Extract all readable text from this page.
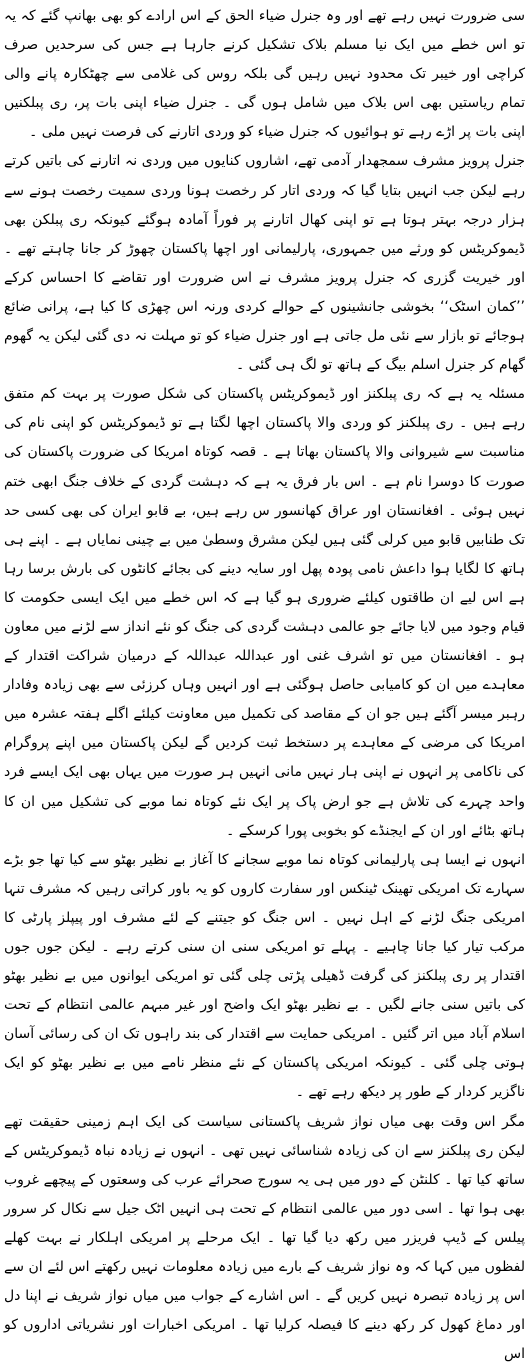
سی ضرورت نہیں رہے تھے اور وہ جنرل ضیاء الحق کے اس ارادے کو بھی بھانپ گئے کہ یہ تو اس خطے میں ایک نیا مسلم بلاک تشکیل کرنے جارہا ہے جس کی سرحدیں صرف کراچی اور خیبر تک محدود نہیں رہیں گی بلکہ روس کی غلامی سے چھٹکارہ پانے والی تمام ریاستیں بھی اس بلاک میں شامل ہوں گی ۔ جنرل ضیاء اپنی بات پر، ری پبلکنیں اپنی بات پر اڑے رہے تو ہوائیوں کہ جنرل ضیاء کو وردی اتارنے کی فرصت نہیں ملی ۔

جنرل پرویز مشرف سمجھدار آدمی تھے، اشاروں کنایوں میں وردی نہ اتارنے کی باتیں کرتے رہے لیکن جب انہیں بتایا گیا کہ وردی اتار کر رخصت ہونا وردی سمیت رخصت ہونے سے ہزار درجہ بہتر ہوتا ہے تو اپنی کھال اتارنے پر فوراً آمادہ ہوگئے کیونکہ ری پبلکن بھی ڈیموکریٹس کو ورثے میں جمہوری، پارلیمانی اور اچھا پاکستان چھوڑ کر جانا چاہتے تھے ۔ اور خیریت گزری کہ جنرل پرویز مشرف نے اس ضرورت اور تقاضے کا احساس کرکے ’’کمان اسٹک‘‘ بخوشی جانشینوں کے حوالے کردی ورنہ اس چھڑی کا کیا ہے، پرانی ضائع ہوجائے تو بازار سے نئی مل جاتی ہے اور جنرل ضیاء کو تو مہلت نہ دی گئی لیکن یہ گھوم گھام کر جنرل اسلم بیگ کے ہاتھ تو لگ ہی گئی ۔

مسئلہ یہ ہے کہ ری پبلکنز اور ڈیموکریٹس پاکستان کی شکل صورت پر بہت کم متفق رہے ہیں ۔ ری پبلکنز کو وردی والا پاکستان اچھا لگتا ہے تو ڈیموکریٹس کو اپنی نام کی مناسبت سے شیروانی والا پاکستان بھاتا ہے ۔ قصہ کوتاہ امریکا کی ضرورت پاکستان کی صورت کا دوسرا نام ہے ۔ اس بار فرق یہ ہے کہ دہشت گردی کے خلاف جنگ ابھی ختم نہیں ہوئی ۔ افغانستان اور عراق کھانسور س رہے ہیں، بے قابو ایران کی بھی کسی حد تک طنابیں قابو میں کرلی گئی ہیں لیکن مشرق وسطیٰ میں بے چینی نمایاں ہے ۔ اپنے ہی ہاتھ کا لگایا ہوا داعش نامی پودہ پھل اور سایہ دینے کی بجائے کانٹوں کی بارش برسا رہا ہے اس لیے ان طاقتوں کیلئے ضروری ہو گیا ہے کہ اس خطے میں ایک ایسی حکومت کا قیام وجود میں لایا جائے جو عالمی دہشت گردی کی جنگ کو نئے انداز سے لڑنے میں معاون ہو ۔ افغانستان میں تو اشرف غنی اور عبداللہ عبداللہ کے درمیان شراکت اقتدار کے معاہدے میں ان کو کامیابی حاصل ہوگئی ہے اور انہیں وہاں کرزئی سے بھی زیادہ وفادار رہبر میسر آگئے ہیں جو ان کے مقاصد کی تکمیل میں معاونت کیلئے اگلے ہفتہ عشرہ میں امریکا کی مرضی کے معاہدے پر دستخط ثبت کردیں گے لیکن پاکستان میں اپنے پروگرام کی ناکامی پر انہوں نے اپنی ہار نہیں مانی انہیں ہر صورت میں یہاں بھی ایک ایسے فرد واحد چہرے کی تلاش ہے جو ارض پاک پر ایک نئے کوتاہ نما موبے کی تشکیل میں ان کا ہاتھ بٹائے اور ان کے ایجنڈے کو بخوبی پورا کرسکے ۔

انہوں نے ایسا ہی پارلیمانی کوتاہ نما موبے سجانے کا آغاز بے نظیر بھٹو سے کیا تھا جو بڑے سہارے تک امریکی تھینک ٹینکس اور سفارت کاروں کو یہ باور کراتی رہیں کہ مشرف تنہا امریکی جنگ لڑنے کے اہل نہیں ۔ اس جنگ کو جیتنے کے لئے مشرف اور پیپلز پارٹی کا مرکب تیار کیا جانا چاہیے ۔ پہلے تو امریکی سنی ان سنی کرتے رہے ۔ لیکن جوں جوں اقتدار پر ری پبلکنز کی گرفت ڈھیلی پڑتی چلی گئی تو امریکی ایوانوں میں بے نظیر بھٹو کی باتیں سنی جانے لگیں ۔ بے نظیر بھٹو ایک واضح اور غیر مبہم عالمی انتظام کے تحت اسلام آباد میں اتر گئیں ۔ امریکی حمایت سے اقتدار کی بند راہوں تک ان کی رسائی آسان ہوتی چلی گئی ۔ کیونکہ امریکی پاکستان کے نئے منظر نامے میں بے نظیر بھٹو کو ایک ناگزیر کردار کے طور پر دیکھ رہے تھے ۔

مگر اس وقت بھی میاں نواز شریف پاکستانی سیاست کی ایک اہم زمینی حقیقت تھے لیکن ری پبلکنز سے ان کی زیادہ شناسائی نہیں تھی ۔ انہوں نے زیادہ نباہ ڈیموکریٹس کے ساتھ کیا تھا ۔ کلنٹن کے دور میں ہی یہ سورج صحرائے عرب کی وسعتوں کے پیچھے غروب بھی ہوا تھا ۔ اسی دور میں عالمی انتظام کے تحت ہی انہیں اٹک جیل سے نکال کر سرور پیلس کے ڈیپ فریزر میں رکھ دیا گیا تھا ۔ ایک مرحلے پر امریکی اہلکار نے بہت کھلے لفظوں میں کہا کہ وہ نواز شریف کے بارے میں زیادہ معلومات نہیں رکھتے اس لئے ان سے اس پر زیادہ تبصرہ نہیں کریں گے ۔ اس اشارے کے جواب میں میاں نواز شریف نے اپنا دل اور دماغ کھول کر رکھ دینے کا فیصلہ کرلیا تھا ۔ امریکی اخبارات اور نشریاتی اداروں کو اس
